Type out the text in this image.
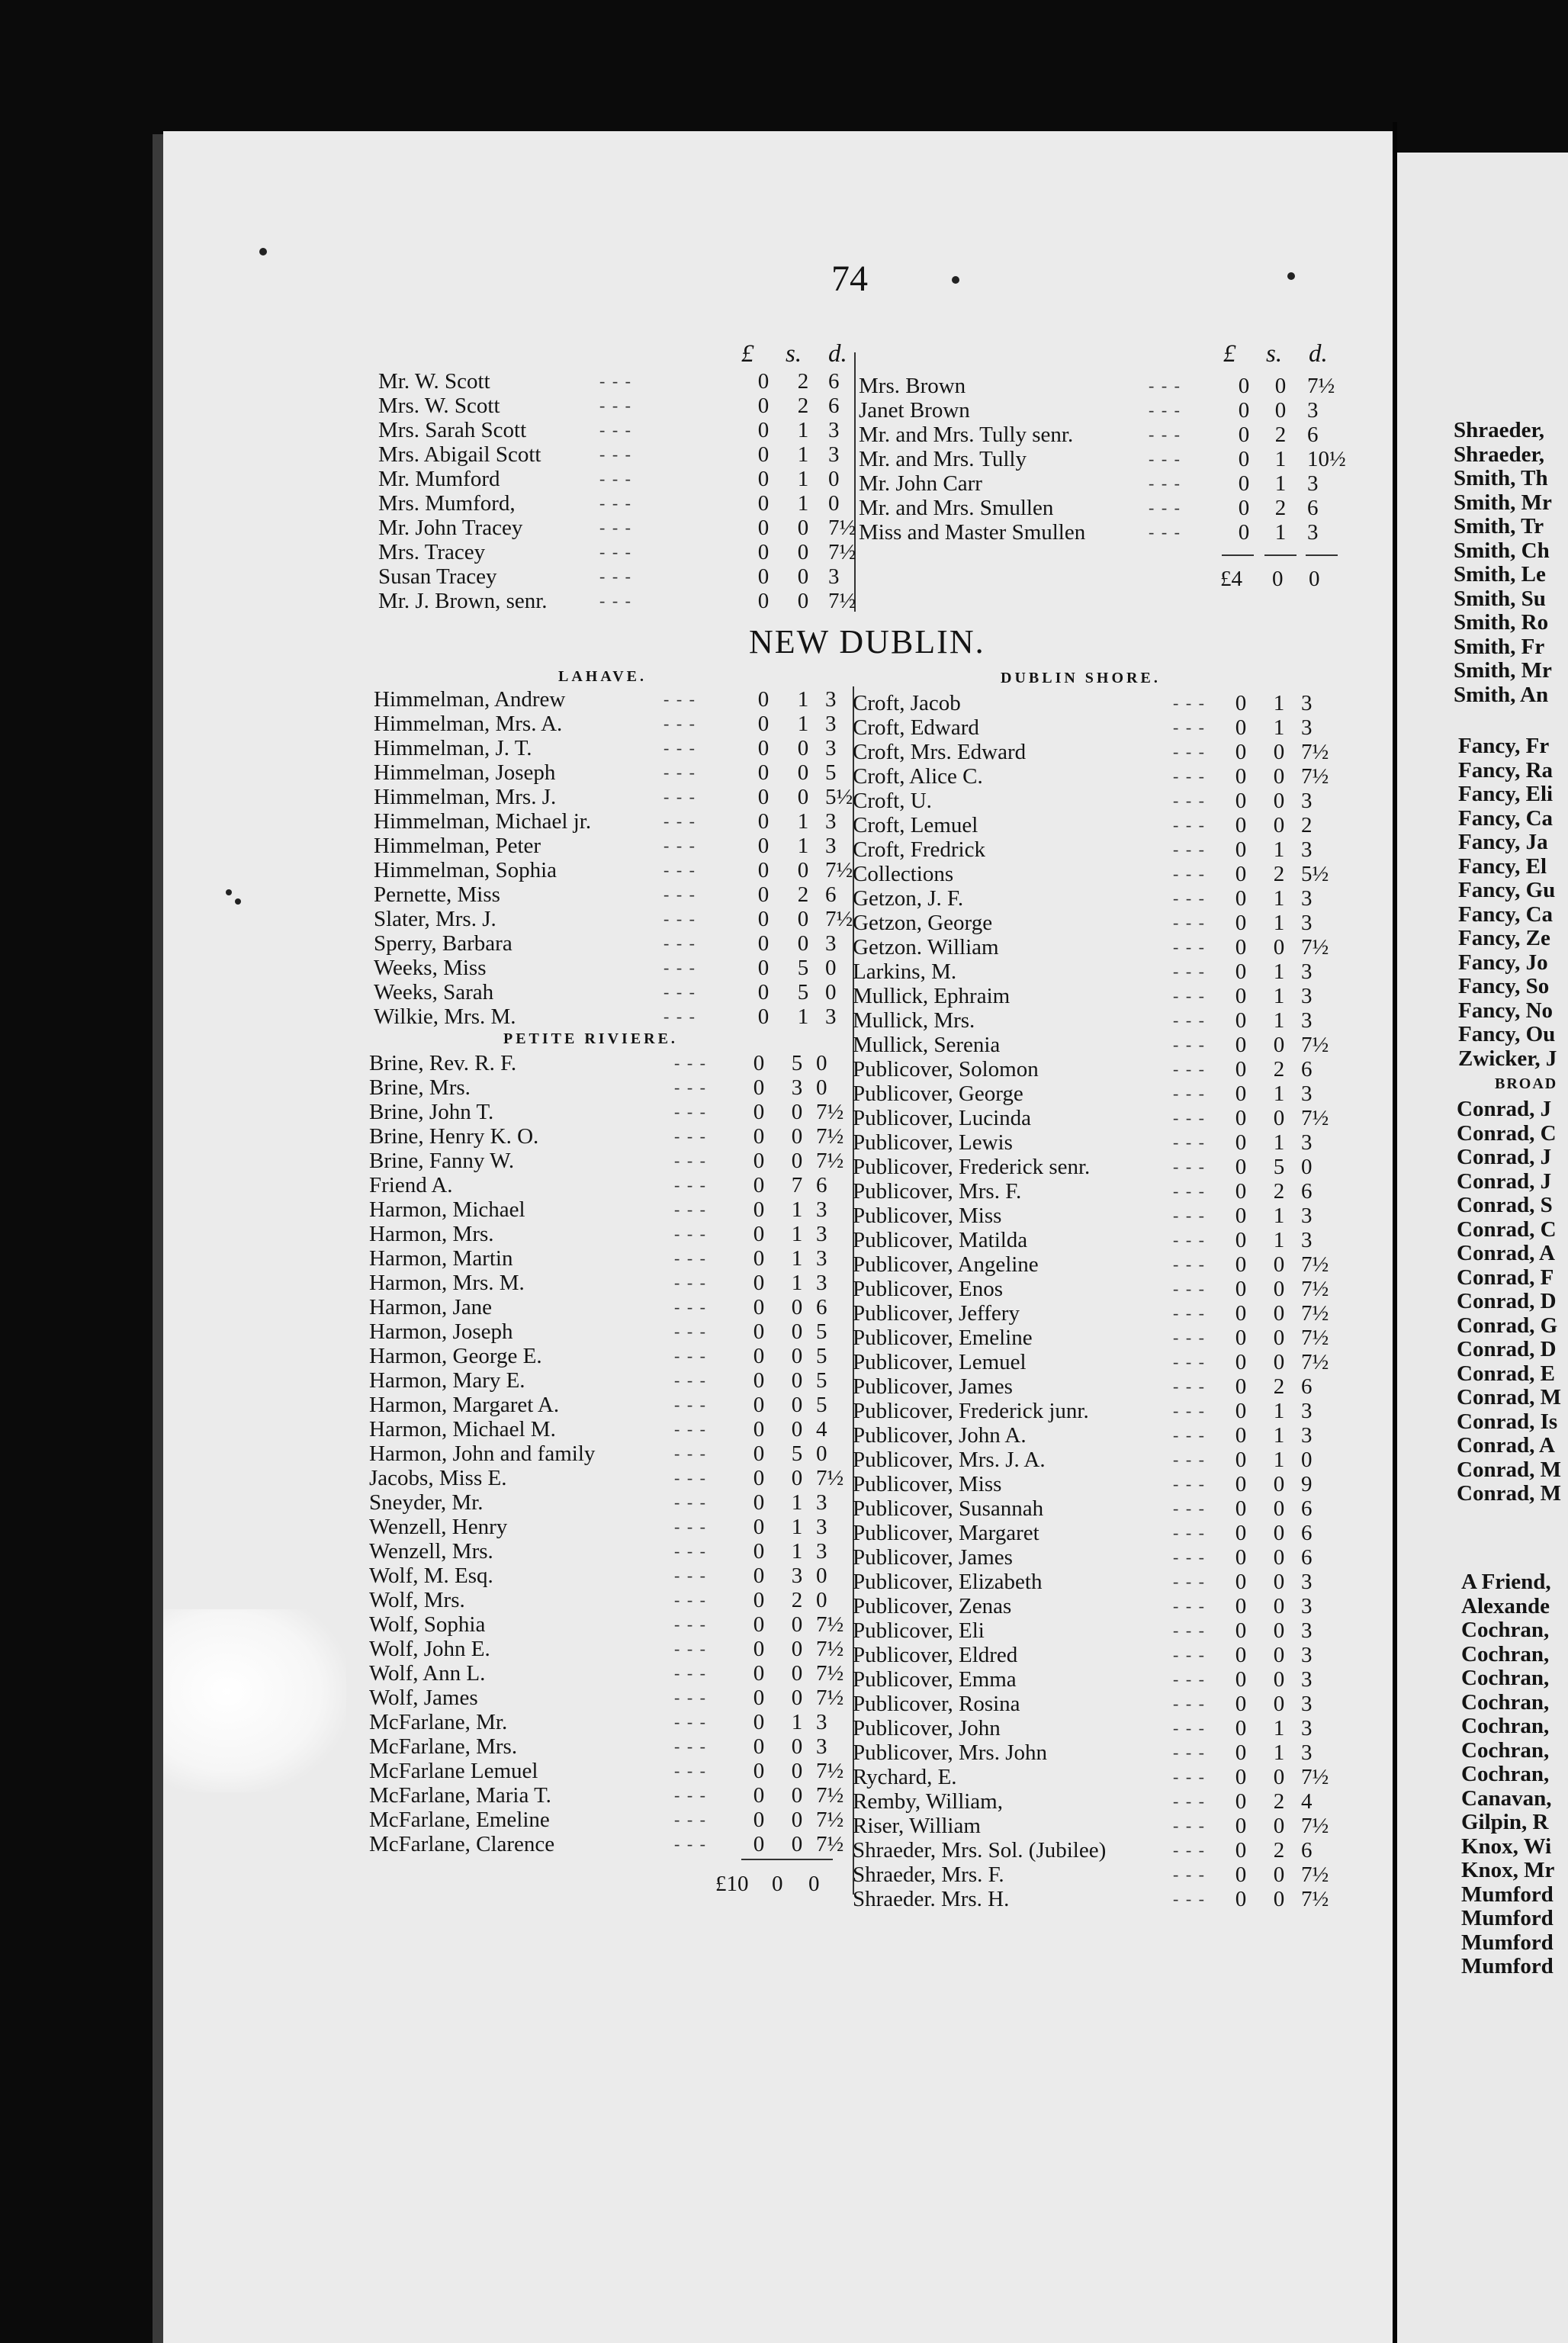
74
£ s. d.	£ s. d.
Mr. W. Scott	- - -	0 2 6
Mrs. W. Scott	- - -	0 2 6
Mrs. Sarah Scott	- - -	0 1 3
Mrs. Abigail Scott	- - -	0 1 3
Mr. Mumford	- - -	0 1 0
Mrs. Mumford,	- - -	0 1 0
Mr. John Tracey	- - -	0 0 7½
Mrs. Tracey	- - -	0 0 7½
Susan Tracey	- - -	0 0 3
Mr. J. Brown, senr.	- - -	0 0 7½
Mrs. Brown	- - -	0 0 7½
Janet Brown	- - -	0 0 3
Mr. and Mrs. Tully senr.	- - -	0 2 6
Mr. and Mrs. Tully	- - -	0 1 10½
Mr. John Carr	- - -	0 1 3
Mr. and Mrs. Smullen	- - -	0 2 6
Miss and Master Smullen	- - -	0 1 3
£4 0 0
NEW DUBLIN.
LAHAVE.	DUBLIN SHORE.
Himmelman, Andrew	- - -	0 1 3
Himmelman, Mrs. A.	- - -	0 1 3
Himmelman, J. T.	- - -	0 0 3
Himmelman, Joseph	- - -	0 0 5
Himmelman, Mrs. J.	- - -	0 0 5½
Himmelman, Michael jr.	- - -	0 1 3
Himmelman, Peter	- - -	0 1 3
Himmelman, Sophia	- - -	0 0 7½
Pernette, Miss	- - -	0 2 6
Slater, Mrs. J.	- - -	0 0 7½
Sperry, Barbara	- - -	0 0 3
Weeks, Miss	- - -	0 5 0
Weeks, Sarah	- - -	0 5 0
Wilkie, Mrs. M.	- - -	0 1 3
PETITE RIVIERE.
Brine, Rev. R. F.	- - - 0 5 0
Brine, Mrs.	- - - 0 3 0
Brine, John T.	- - - 0 0 7½
Brine, Henry K. O.	- - - 0 0 7½
Brine, Fanny W.	- - - 0 0 7½
Friend A.	- - - 0 7 6
Harmon, Michael	- - - 0 1 3
Harmon, Mrs.	- - - 0 1 3
Harmon, Martin	- - - 0 1 3
Harmon, Mrs. M.	- - - 0 1 3
Harmon, Jane	- - - 0 0 6
Harmon, Joseph	- - - 0 0 5
Harmon, George E.	- - - 0 0 5
Harmon, Mary E.	- - - 0 0 5
Harmon, Margaret A.	- - - 0 0 5
Harmon, Michael M.	- - - 0 0 4
Harmon, John and family	- - - 0 5 0
Jacobs, Miss E.	- - - 0 0 7½
Sneyder, Mr.	- - - 0 1 3
Wenzell, Henry	- - - 0 1 3
Wenzell, Mrs.	- - - 0 1 3
Wolf, M. Esq.	- - - 0 3 0
Wolf, Mrs.	- - - 0 2 0
Wolf, Sophia	- - - 0 0 7½
Wolf, John E.	- - - 0 0 7½
Wolf, Ann L.	- - - 0 0 7½
Wolf, James	- - - 0 0 7½
McFarlane, Mr.	- - - 0 1 3
McFarlane, Mrs.	- - - 0 0 3
McFarlane Lemuel	- - - 0 0 7½
McFarlane, Maria T.	- - - 0 0 7½
McFarlane, Emeline	- - - 0 0 7½
McFarlane, Clarence	- - - 0 0 7½
Croft, Jacob	- - - 0 1 3
Croft, Edward	- - - 0 1 3
Croft, Mrs. Edward	- - - 0 0 7½
Croft, Alice C.	- - - 0 0 7½
Croft, U.	- - - 0 0 3
Croft, Lemuel	- - - 0 0 2
Croft, Fredrick	- - - 0 1 3
Collections	- - - 0 2 5½
Getzon, J. F.	- - - 0 1 3
Getzon, George	- - - 0 1 3
Getzon. William	- - - 0 0 7½
Larkins, M.	- - - 0 1 3
Mullick, Ephraim	- - - 0 1 3
Mullick, Mrs.	- - - 0 1 3
Mullick, Serenia	- - - 0 0 7½
Publicover, Solomon	- - - 0 2 6
Publicover, George	- - - 0 1 3
Publicover, Lucinda	- - - 0 0 7½
Publicover, Lewis	- - - 0 1 3
Publicover, Frederick senr.	- - - 0 5 0
Publicover, Mrs. F.	- - - 0 2 6
Publicover, Miss	- - - 0 1 3
Publicover, Matilda	- - - 0 1 3
Publicover, Angeline	- - - 0 0 7½
Publicover, Enos	- - - 0 0 7½
Publicover, Jeffery	- - - 0 0 7½
Publicover, Emeline	- - - 0 0 7½
Publicover, Lemuel	- - - 0 0 7½
Publicover, James	- - - 0 2 6
Publicover, Frederick junr.	- - - 0 1 3
Publicover, John A.	- - - 0 1 3
Publicover, Mrs. J. A.	- - - 0 1 0
Publicover, Miss	- - - 0 0 9
Publicover, Susannah	- - - 0 0 6
Publicover, Margaret	- - - 0 0 6
Publicover, James	- - - 0 0 6
Publicover, Elizabeth	- - - 0 0 3
Publicover, Zenas	- - - 0 0 3
Publicover, Eli	- - - 0 0 3
Publicover, Eldred	- - - 0 0 3
Publicover, Emma	- - - 0 0 3
Publicover, Rosina	- - - 0 0 3
Publicover, John	- - - 0 1 3
Publicover, Mrs. John	- - - 0 1 3
Rychard, E.	- - - 0 0 7½
Remby, William,	- - - 0 2 4
Riser, William	- - - 0 0 7½
Shraeder, Mrs. Sol. (Jubilee)	- - - 0 2 6
Shraeder, Mrs. F.	- - - 0 0 7½
Shraeder. Mrs. H.	- - - 0 0 7½
£10 0 0
Shraeder,
Shraeder,
Smith, Th
Smith, Mr
Smith, Tr
Smith, Ch
Smith, Le
Smith, Su
Smith, Ro
Smith, Fr
Smith, Mr
Smith, An
Fancy, Fr
Fancy, Ra
Fancy, Eli
Fancy, Ca
Fancy, Ja
Fancy, El
Fancy, Gu
Fancy, Ca
Fancy, Ze
Fancy, Jo
Fancy, So
Fancy, No
Fancy, Ou
Zwicker, J
BROAD
Conrad, J
Conrad, C
Conrad, J
Conrad, J
Conrad, S
Conrad, C
Conrad, A
Conrad, F
Conrad, D
Conrad, G
Conrad, D
Conrad, E
Conrad, M
Conrad, Is
Conrad, A
Conrad, M
Conrad, M
A Friend,
Alexande
Cochran,
Cochran,
Cochran,
Cochran,
Cochran,
Cochran,
Cochran,
Canavan,
Gilpin, R
Knox, Wi
Knox, Mr
Mumford
Mumford
Mumford
Mumford
